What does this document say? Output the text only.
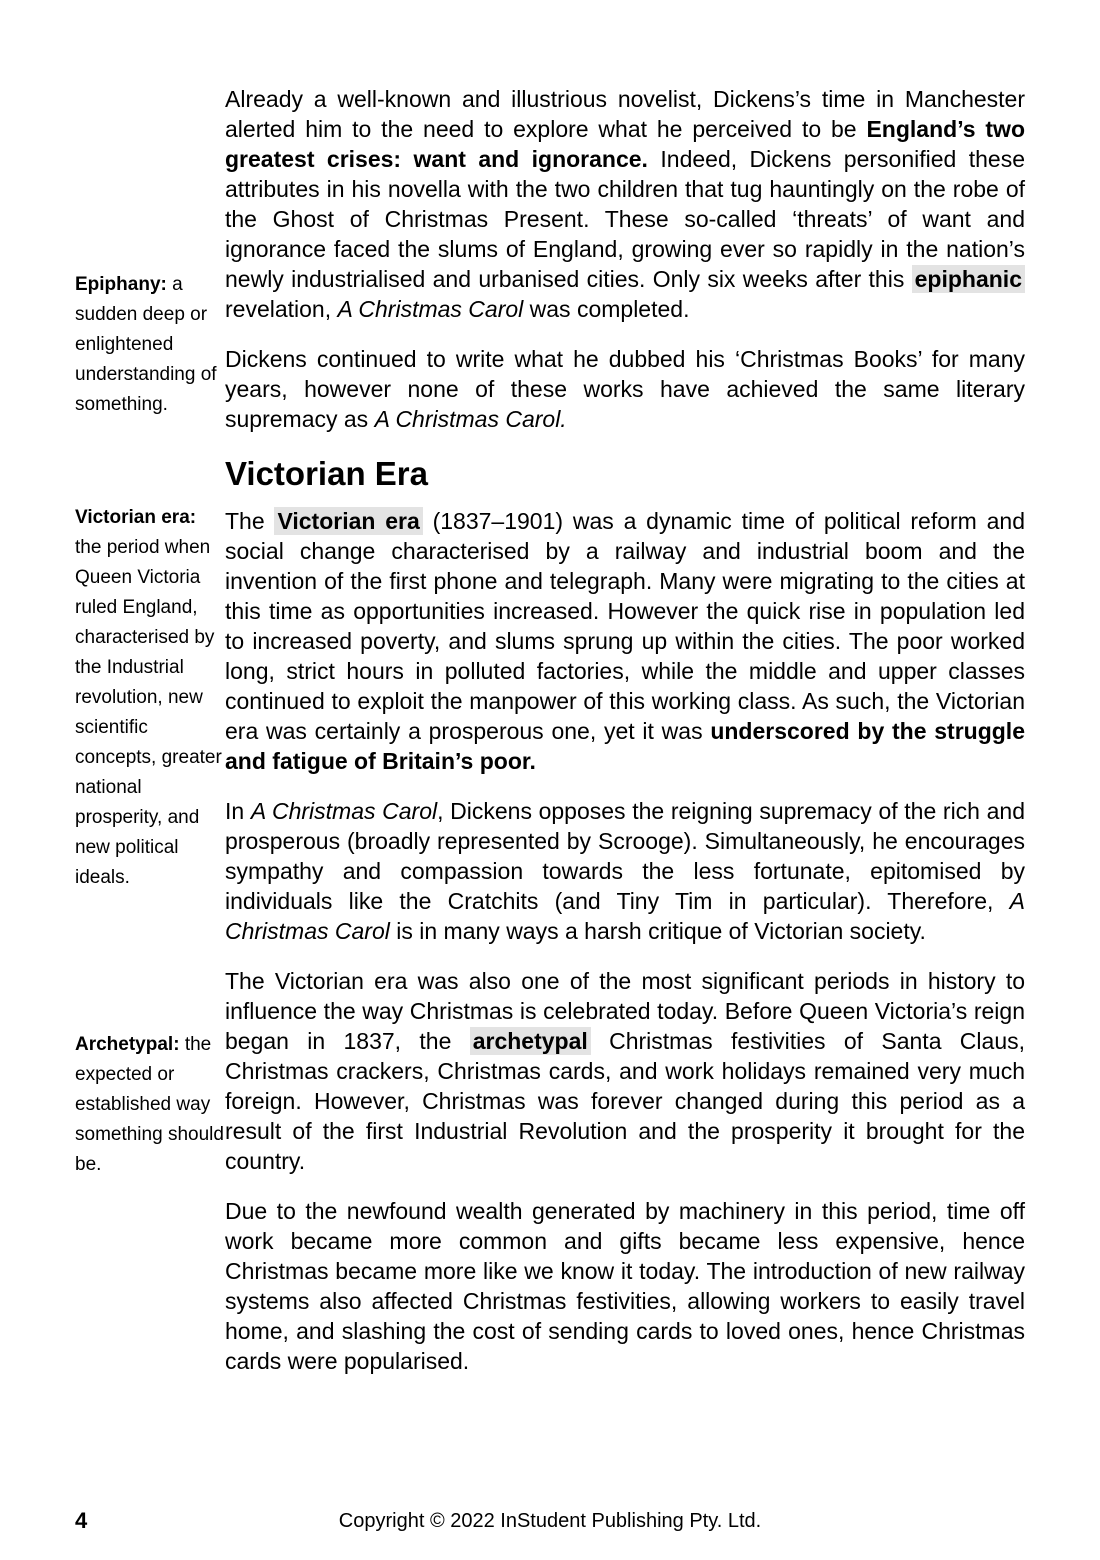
Epiphany: a sudden deep or enlightened understanding of something.
Victorian era: the period when Queen Victoria ruled England, characterised by the Industrial revolution, new scientific concepts, greater national prosperity, and new political ideals.
Archetypal: the expected or established way something should be.

Already a well-known and illustrious novelist, Dickens’s time in Manchester alerted him to the need to explore what he perceived to be England’s two greatest crises: want and ignorance. Indeed, Dickens personified these attributes in his novella with the two children that tug hauntingly on the robe of the Ghost of Christmas Present. These so-called ‘threats’ of want and ignorance faced the slums of England, growing ever so rapidly in the nation’s newly industrialised and urbanised cities. Only six weeks after this epiphanic revelation, A Christmas Carol was completed.

Dickens continued to write what he dubbed his ‘Christmas Books’ for many years, however none of these works have achieved the same literary supremacy as A Christmas Carol.

Victorian Era

The Victorian era (1837–1901) was a dynamic time of political reform and social change characterised by a railway and industrial boom and the invention of the first phone and telegraph. Many were migrating to the cities at this time as opportunities increased. However the quick rise in population led to increased poverty, and slums sprung up within the cities. The poor worked long, strict hours in polluted factories, while the middle and upper classes continued to exploit the manpower of this working class. As such, the Victorian era was certainly a prosperous one, yet it was underscored by the struggle and fatigue of Britain’s poor.

In A Christmas Carol, Dickens opposes the reigning supremacy of the rich and prosperous (broadly represented by Scrooge). Simultaneously, he encourages sympathy and compassion towards the less fortunate, epitomised by individuals like the Cratchits (and Tiny Tim in particular). Therefore, A Christmas Carol is in many ways a harsh critique of Victorian society.

The Victorian era was also one of the most significant periods in history to influence the way Christmas is celebrated today. Before Queen Victoria’s reign began in 1837, the archetypal Christmas festivities of Santa Claus, Christmas crackers, Christmas cards, and work holidays remained very much foreign. However, Christmas was forever changed during this period as a result of the first Industrial Revolution and the prosperity it brought for the country.

Due to the newfound wealth generated by machinery in this period, time off work became more common and gifts became less expensive, hence Christmas became more like we know it today. The introduction of new railway systems also affected Christmas festivities, allowing workers to easily travel home, and slashing the cost of sending cards to loved ones, hence Christmas cards were popularised.

4	Copyright © 2022 InStudent Publishing Pty. Ltd.
